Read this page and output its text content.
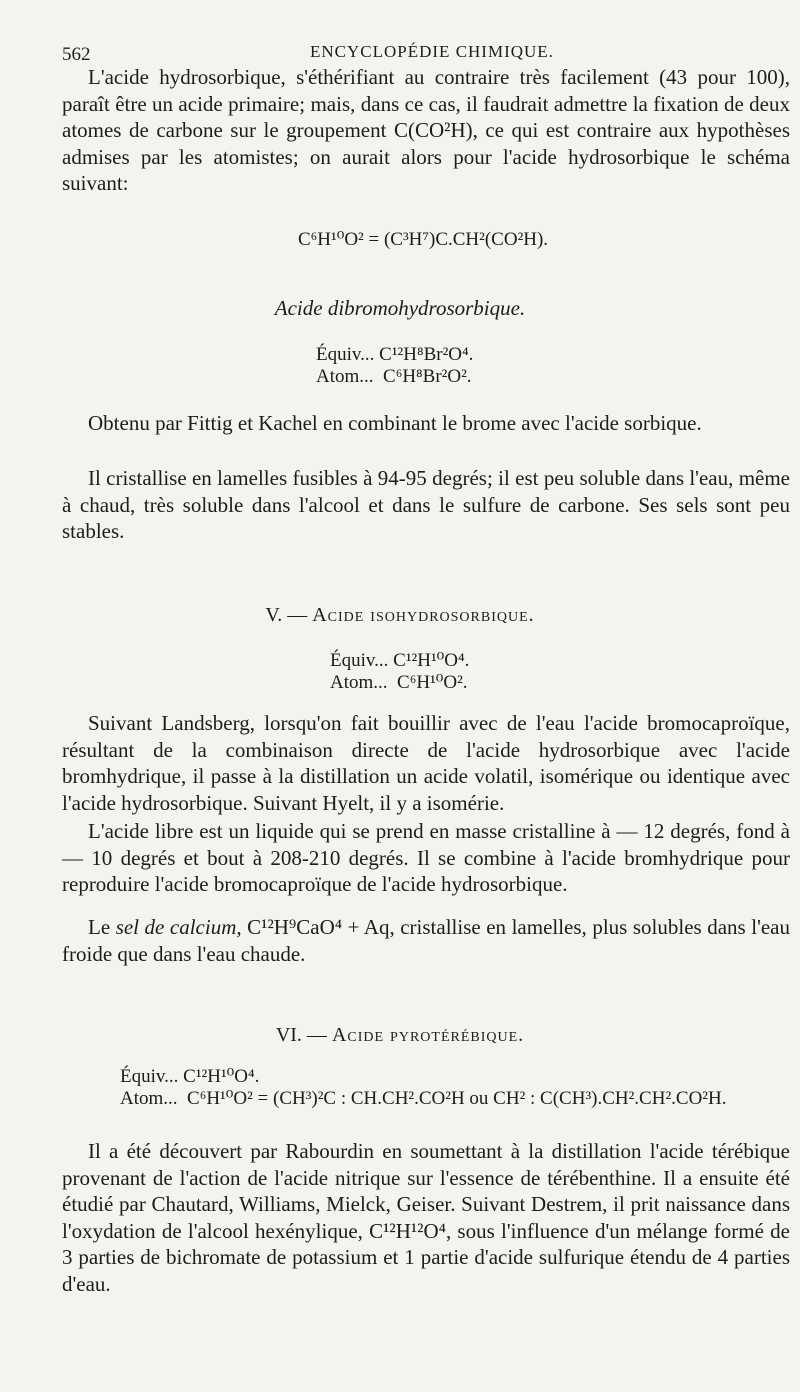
562	ENCYCLOPÉDIE CHIMIQUE.

L'acide hydrosorbique, s'éthérifiant au contraire très facilement (43 pour 100), paraît être un acide primaire; mais, dans ce cas, il faudrait admettre la fixation de deux atomes de carbone sur le groupement C(CO²H), ce qui est contraire aux hypothèses admises par les atomistes; on aurait alors pour l'acide hydrosorbique le schéma suivant:

C⁶H¹⁰O² = (C³H⁷)C.CH²(CO²H).
Acide dibromohydrosorbique.
Équiv... C¹²H⁸Br²O⁴.
Atom... C⁶H⁸Br²O².

Obtenu par Fittig et Kachel en combinant le brome avec l'acide sorbique.

Il cristallise en lamelles fusibles à 94-95 degrés; il est peu soluble dans l'eau, même à chaud, très soluble dans l'alcool et dans le sulfure de carbone. Ses sels sont peu stables.

V. — Acide isohydrosorbique.
Équiv... C¹²H¹⁰O⁴.
Atom... C⁶H¹⁰O².

Suivant Landsberg, lorsqu'on fait bouillir avec de l'eau l'acide bromocaproïque, résultant de la combinaison directe de l'acide hydrosorbique avec l'acide bromhydrique, il passe à la distillation un acide volatil, isomérique ou identique avec l'acide hydrosorbique. Suivant Hyelt, il y a isomérie.

L'acide libre est un liquide qui se prend en masse cristalline à — 12 degrés, fond à — 10 degrés et bout à 208-210 degrés. Il se combine à l'acide bromhydrique pour reproduire l'acide bromocaproïque de l'acide hydrosorbique.

Le sel de calcium, C¹²H⁹CaO⁴ + Aq, cristallise en lamelles, plus solubles dans l'eau froide que dans l'eau chaude.

VI. — Acide pyrotérébique.
Équiv... C¹²H¹⁰O⁴.
Atom... C⁶H¹⁰O² = (CH³)²C : CH.CH².CO²H ou CH² : C(CH³).CH².CH².CO²H.

Il a été découvert par Rabourdin en soumettant à la distillation l'acide térébique provenant de l'action de l'acide nitrique sur l'essence de térébenthine. Il a ensuite été étudié par Chautard, Williams, Mielck, Geiser. Suivant Destrem, il prit naissance dans l'oxydation de l'alcool hexénylique, C¹²H¹²O⁴, sous l'influence d'un mélange formé de 3 parties de bichromate de potassium et 1 partie d'acide sulfurique étendu de 4 parties d'eau.
